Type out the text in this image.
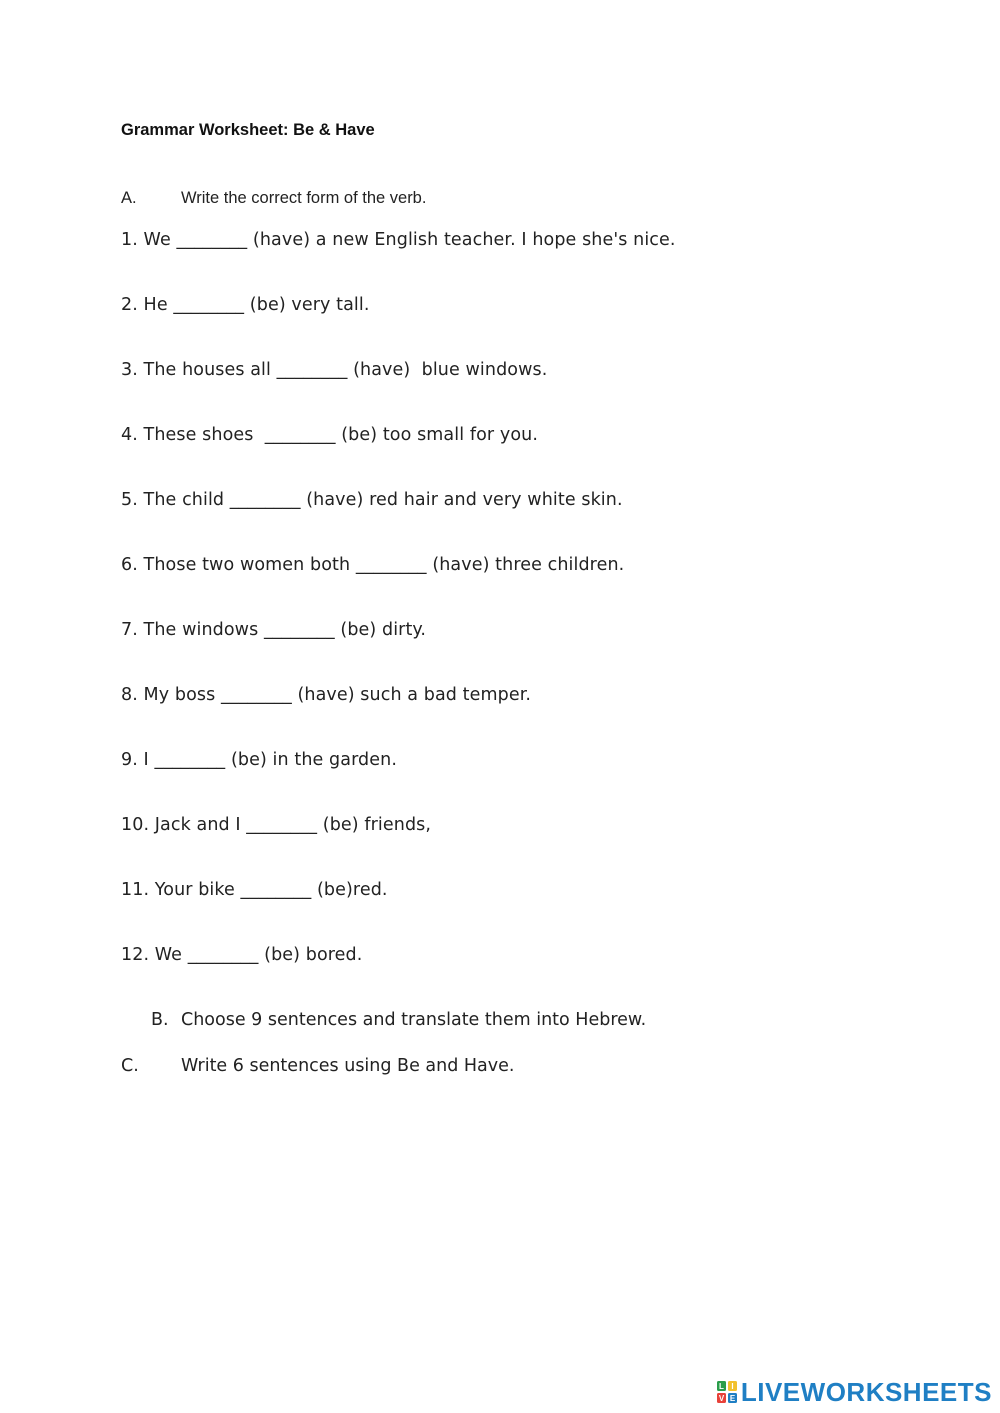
Grammar Worksheet: Be & Have
A.	Write the correct form of the verb.
1. We ________ (have) a new English teacher. I hope she's nice.
2. He ________ (be) very tall.
3. The houses all ________ (have)  blue windows.
4. These shoes  ________ (be) too small for you.
5. The child ________ (have) red hair and very white skin.
6. Those two women both ________ (have) three children.
7. The windows ________ (be) dirty.
8. My boss ________ (have) such a bad temper.
9. I ________ (be) in the garden.
10. Jack and I ________ (be) friends,
11. Your bike ________ (be)red.
12. We ________ (be) bored.
B. Choose 9 sentences and translate them into Hebrew.
C. Write 6 sentences using Be and Have.
L I
V E LIVEWORKSHEETS
